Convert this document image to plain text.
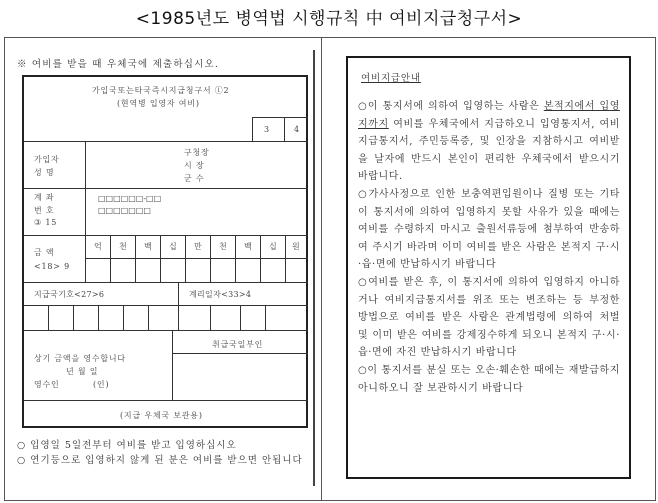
<1985년도 병역법 시행규칙 中 여비지급청구서>
※ 여비를 받을 때 우체국에 제출하십시오.
가입국또는타국즉시지급청구서 ①2
(현역병 입영자 여비)
3	4
가입자
성 명
구청장
시 장
군 수
계 좌
번 호
③ 15
□□□□□□-□□
□□□□□□□
금 액
<18> 9
억 천 백 십 만 천 백 십 원
지급국기호<27>6	계리일자<33>4
상기 금액을 영수합니다
년 월 일
영수인          (인)
취급국일부인
(지급 우체국 보관용)
○ 입영일 5일전부터 여비를 받고 입영하십시오
○ 연기등으로 입영하지 않게 된 분은 여비를 받으면 안됩니다
여비지급안내

○이 통지서에 의하여 입영하는 사람은 본적지에서 입영지까지 여비를 우체국에서 지급하오니 입영통지서, 여비지급통지서, 주민등록증, 및 인장을 지참하시고 여비받을 날자에 반드시 본인이 편리한 우체국에서 받으시기 바랍니다.

○가사사정으로 인한 보충역편입원이나 질병 또는 기타 이 통지서에 의하여 입영하지 못할 사유가 있을 때에는 여비를 수령하지 마시고 출원서류등에 첨부하여 반송하여 주시기 바라며 이미 여비를 받은 사람은 본적지 구·시·읍·면에 반납하시기 바랍니다

○여비를 받은 후, 이 통지서에 의하여 입영하지 아니하거나 여비지급통지서를 위조 또는 변조하는 등 부정한 방법으로 여비를 받은 사람은 관계법령에 의하여 처벌 및 이미 받은 여비를 강제징수하게 되오니 본적지 구·시·읍·면에 자진 반납하시기 바랍니다

○이 통지서를 분실 또는 오손·훼손한 때에는 재발급하지 아니하오니 잘 보관하시기 바랍니다
